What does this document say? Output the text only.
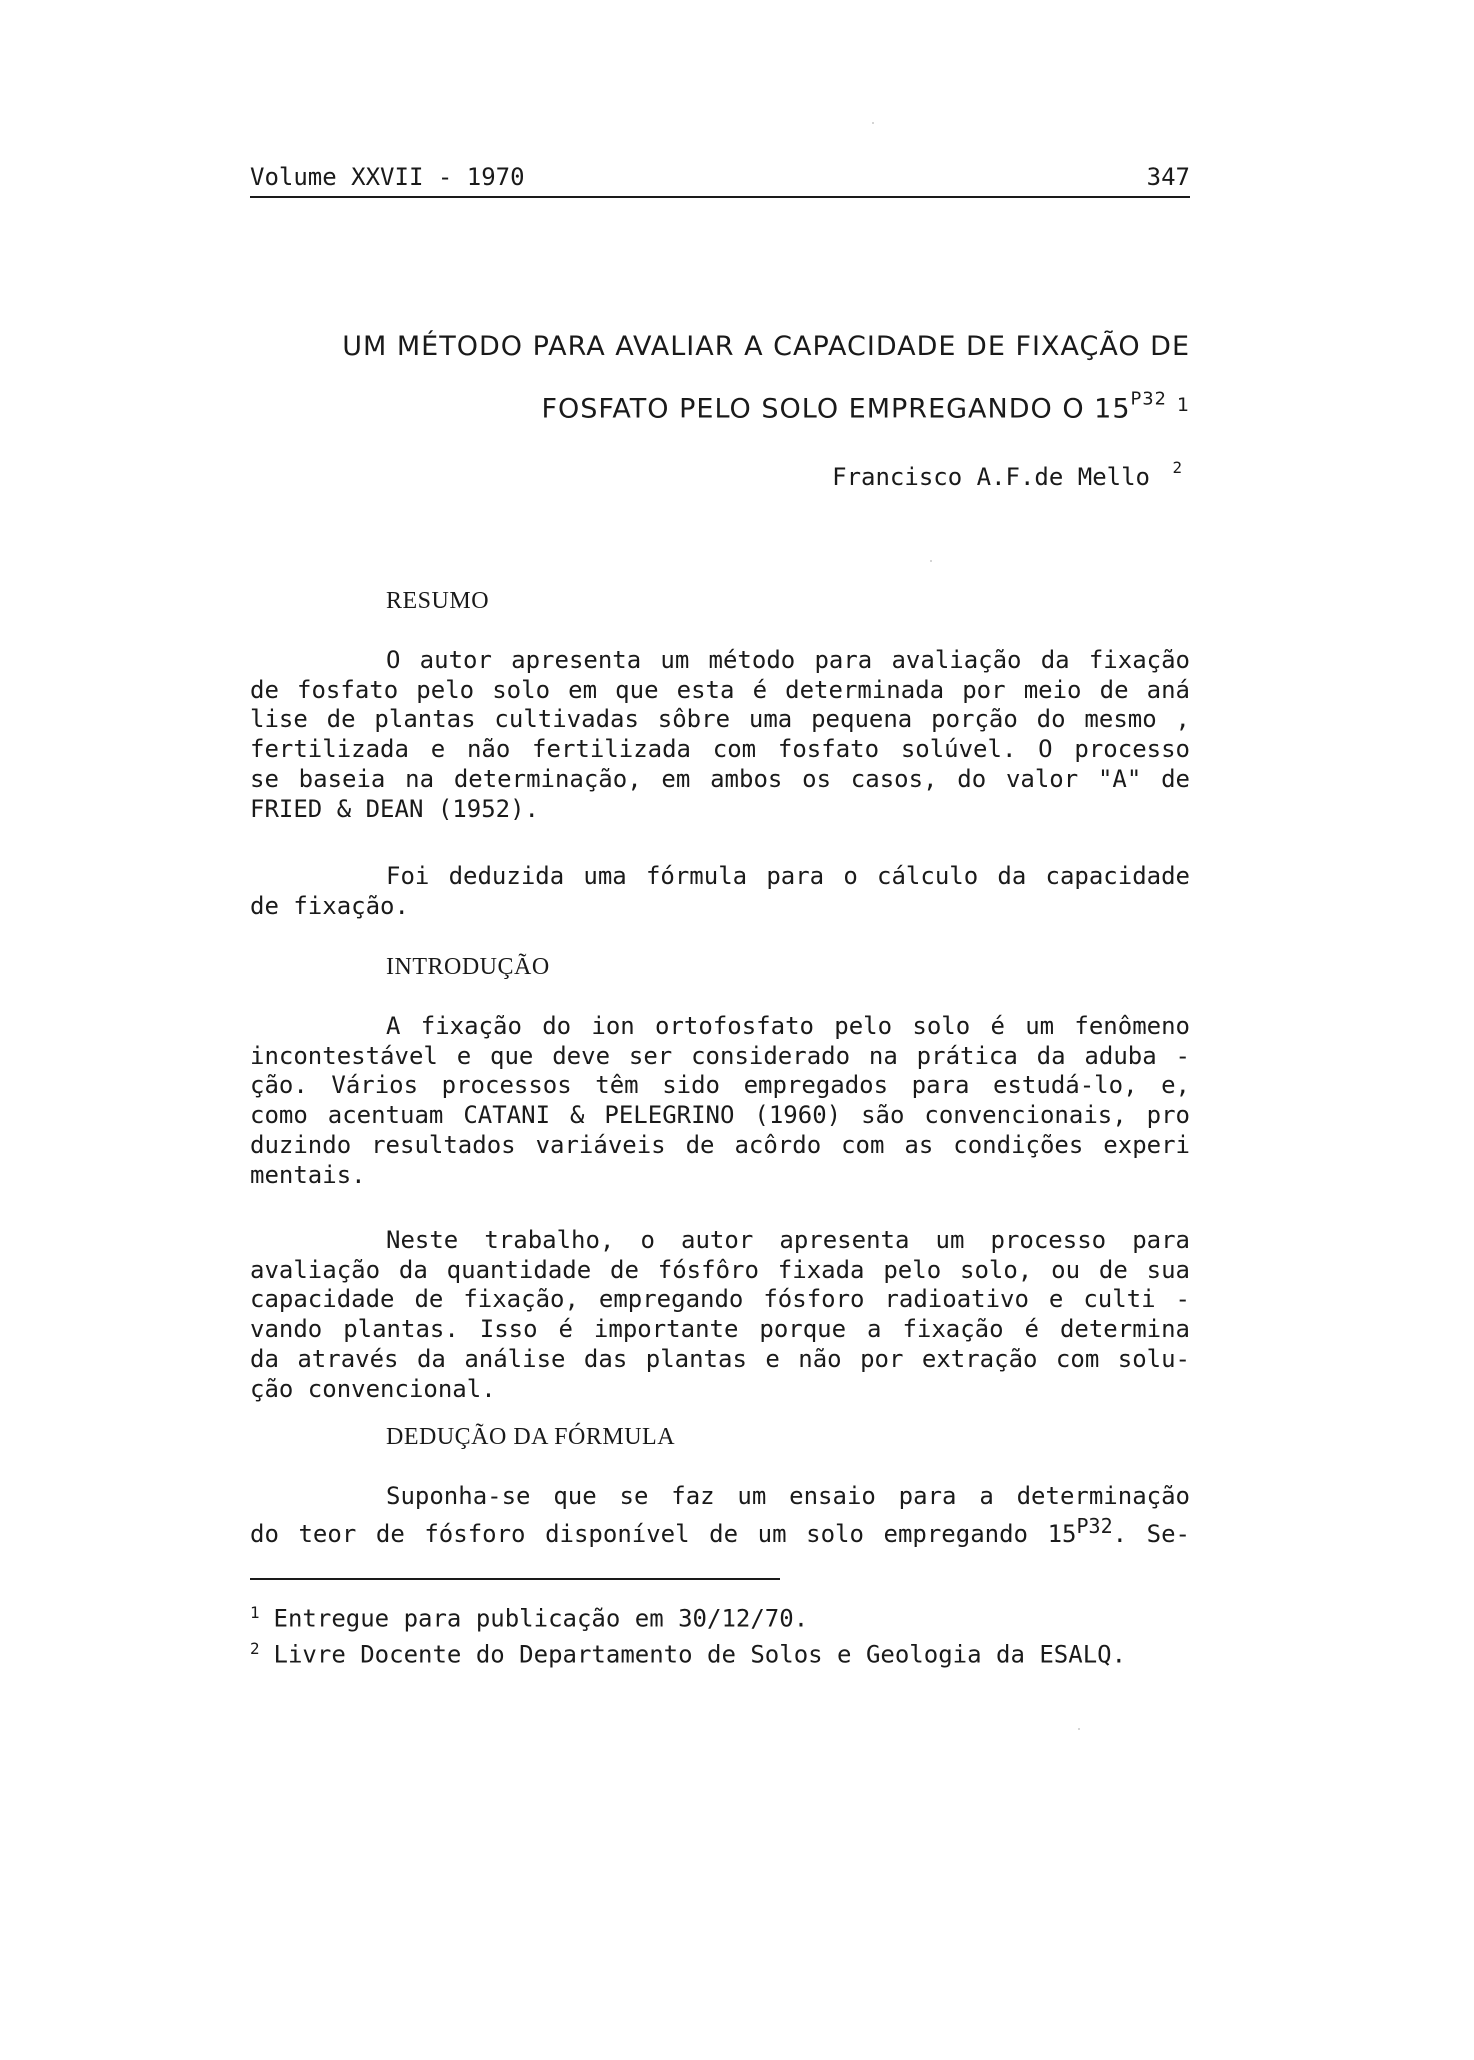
Volume XXVII - 1970	347
UM MÉTODO PARA AVALIAR A CAPACIDADE DE FIXAÇÃO DE
FOSFATO PELO SOLO EMPREGANDO O $15^{P32}$ $^1$
Francisco A.F.de Mello $^2$
RESUMO
O autor apresenta um método para avaliação da fixação
de fosfato pelo solo em que esta é determinada por meio de aná
lise de plantas cultivadas sôbre uma pequena porção do mesmo ,
fertilizada e não fertilizada com fosfato solúvel. O processo
se baseia na determinação, em ambos os casos, do valor "A" de
FRIED & DEAN (1952).
Foi deduzida uma fórmula para o cálculo da capacidade
de fixação.
INTRODUÇÃO
A fixação do ion ortofosfato pelo solo é um fenômeno
incontestável e que deve ser considerado na prática da aduba -
ção. Vários processos têm sido empregados para estudá-lo, e,
como acentuam CATANI & PELEGRINO (1960) são convencionais, pro
duzindo resultados variáveis de acôrdo com as condições experi
mentais.
Neste trabalho, o autor apresenta um processo para
avaliação da quantidade de fósfôro fixada pelo solo, ou de sua
capacidade de fixação, empregando fósforo radioativo e culti -
vando plantas. Isso é importante porque a fixação é determina
da através da análise das plantas e não por extração com solu-
ção convencional.
DEDUÇÃO DA FÓRMULA
Suponha-se que se faz um ensaio para a determinação
do teor de fósforo disponível de um solo empregando $15^{P32}$. Se-
$^1$ Entregue para publicação em 30/12/70.
$^2$ Livre Docente do Departamento de Solos e Geologia da ESALQ.
